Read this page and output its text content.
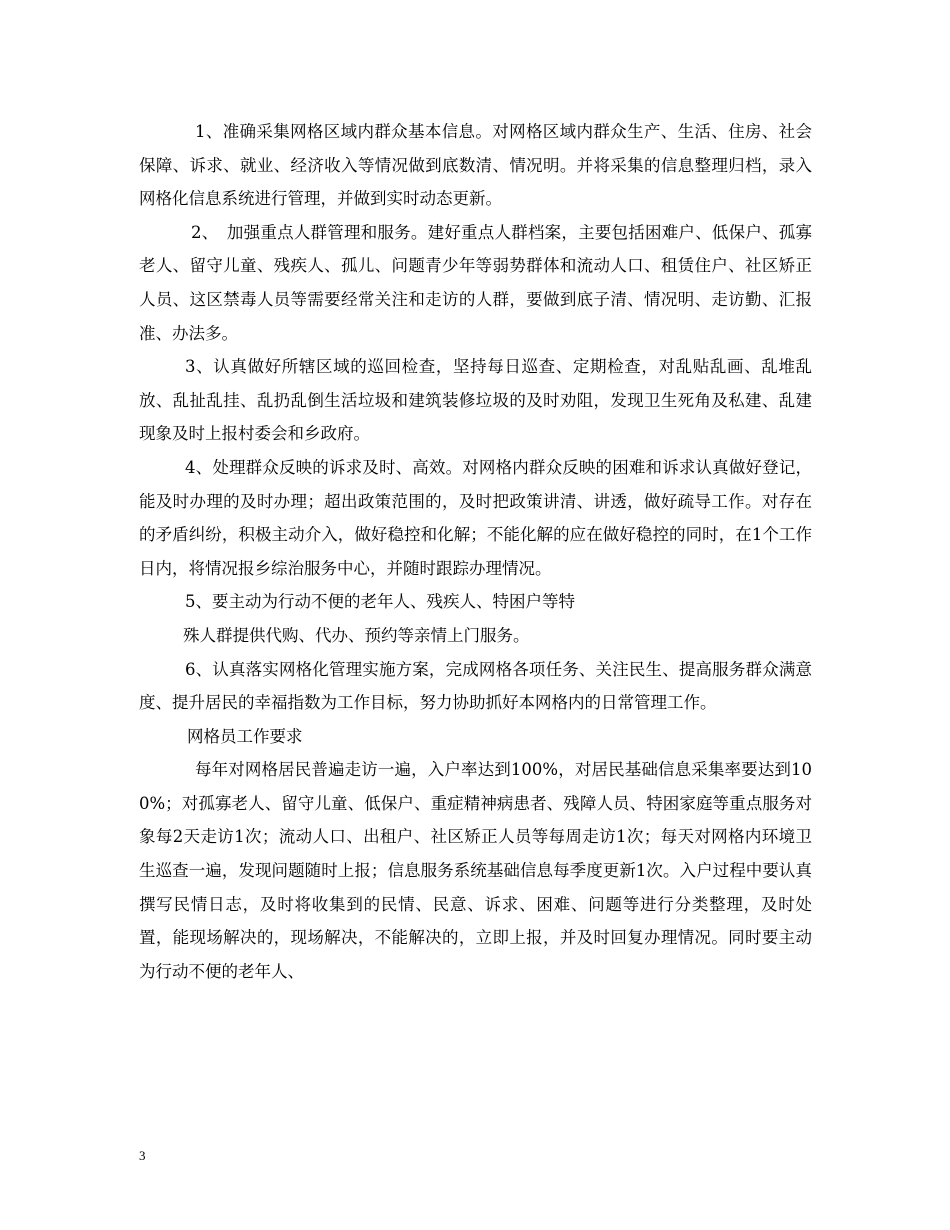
1、准确采集网格区域内群众基本信息。对网格区域内群众生产、生活、住房、社会保障、诉求、就业、经济收入等情况做到底数清、情况明。并将采集的信息整理归档，录入网格化信息系统进行管理，并做到实时动态更新。

2、　加强重点人群管理和服务。建好重点人群档案，主要包括困难户、低保户、孤寡老人、留守儿童、残疾人、孤儿、问题青少年等弱势群体和流动人口、租赁住户、社区矫正人员、这区禁毒人员等需要经常关注和走访的人群，要做到底子清、情况明、走访勤、汇报准、办法多。

3、认真做好所辖区域的巡回检查，坚持每日巡查、定期检查，对乱贴乱画、乱堆乱放、乱扯乱挂、乱扔乱倒生活垃圾和建筑装修垃圾的及时劝阻，发现卫生死角及私建、乱建现象及时上报村委会和乡政府。

4、处理群众反映的诉求及时、高效。对网格内群众反映的困难和诉求认真做好登记，能及时办理的及时办理；超出政策范围的，及时把政策讲清、讲透，做好疏导工作。对存在的矛盾纠纷，积极主动介入，做好稳控和化解；不能化解的应在做好稳控的同时，在1个工作日内，将情况报乡综治服务中心，并随时跟踪办理情况。

5、要主动为行动不便的老年人、残疾人、特困户等特

殊人群提供代购、代办、预约等亲情上门服务。

6、认真落实网格化管理实施方案，完成网格各项任务、关注民生、提高服务群众满意度、提升居民的幸福指数为工作目标，努力协助抓好本网格内的日常管理工作。

网格员工作要求

每年对网格居民普遍走访一遍，入户率达到100%，对居民基础信息采集率要达到100%；对孤寡老人、留守儿童、低保户、重症精神病患者、残障人员、特困家庭等重点服务对象每2天走访1次；流动人口、出租户、社区矫正人员等每周走访1次；每天对网格内环境卫生巡查一遍，发现问题随时上报；信息服务系统基础信息每季度更新1次。入户过程中要认真撰写民情日志，及时将收集到的民情、民意、诉求、困难、问题等进行分类整理，及时处置，能现场解决的，现场解决，不能解决的，立即上报，并及时回复办理情况。同时要主动为行动不便的老年人、

3
